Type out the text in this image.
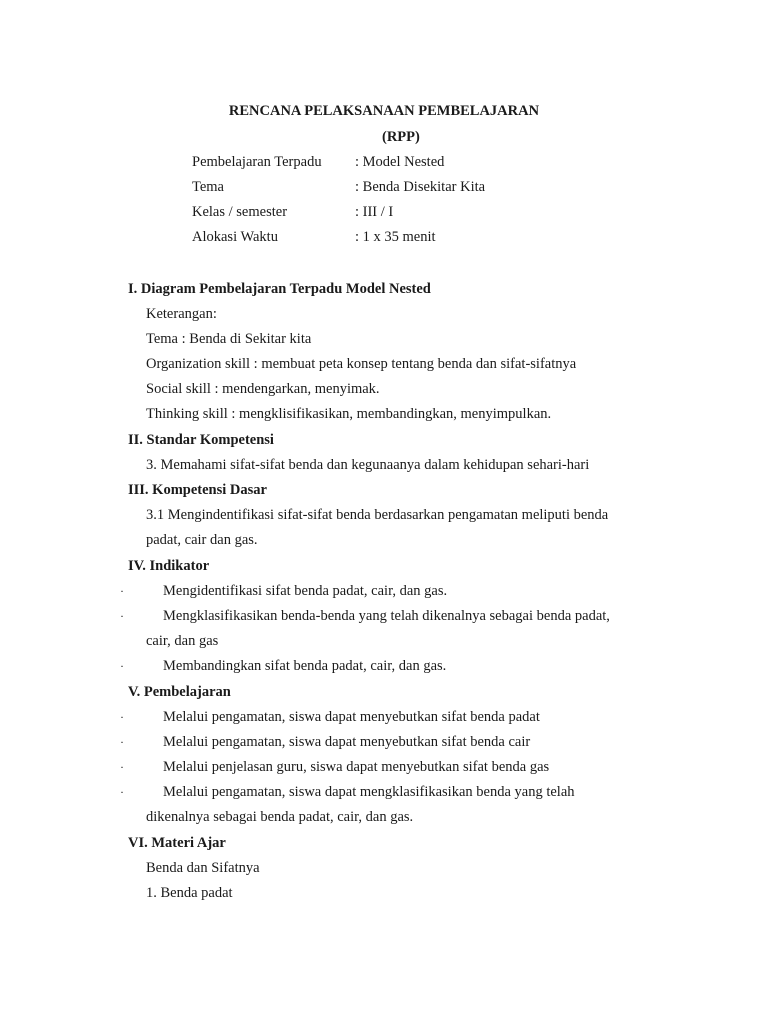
RENCANA PELAKSANAAN PEMBELAJARAN
(RPP)
Pembelajaran Terpadu : Model Nested
Tema	: Benda Disekitar Kita
Kelas / semester	: III / I
Alokasi Waktu	: 1 x 35 menit
I. Diagram Pembelajaran Terpadu Model Nested
Keterangan:
Tema : Benda di Sekitar kita
Organization skill : membuat peta konsep tentang benda dan sifat-sifatnya
Social skill : mendengarkan, menyimak.
Thinking skill : mengklisifikasikan, membandingkan, menyimpulkan.
II. Standar Kompetensi
3. Memahami sifat-sifat benda dan kegunaanya dalam kehidupan sehari-hari
III. Kompetensi Dasar
3.1 Mengindentifikasi sifat-sifat benda berdasarkan pengamatan meliputi benda
padat, cair dan gas.
IV. Indikator
·	Mengidentifikasi sifat benda padat, cair, dan gas.
·	Mengklasifikasikan benda-benda yang telah dikenalnya sebagai benda padat,
cair, dan gas
·	Membandingkan sifat benda padat, cair, dan gas.
V. Pembelajaran
·	Melalui pengamatan, siswa dapat menyebutkan sifat benda padat
·	Melalui pengamatan, siswa dapat menyebutkan sifat benda cair
·	Melalui penjelasan guru, siswa dapat menyebutkan sifat benda gas
·	Melalui pengamatan, siswa dapat mengklasifikasikan benda yang telah
dikenalnya sebagai benda padat, cair, dan gas.
VI. Materi Ajar
Benda dan Sifatnya
1. Benda padat
